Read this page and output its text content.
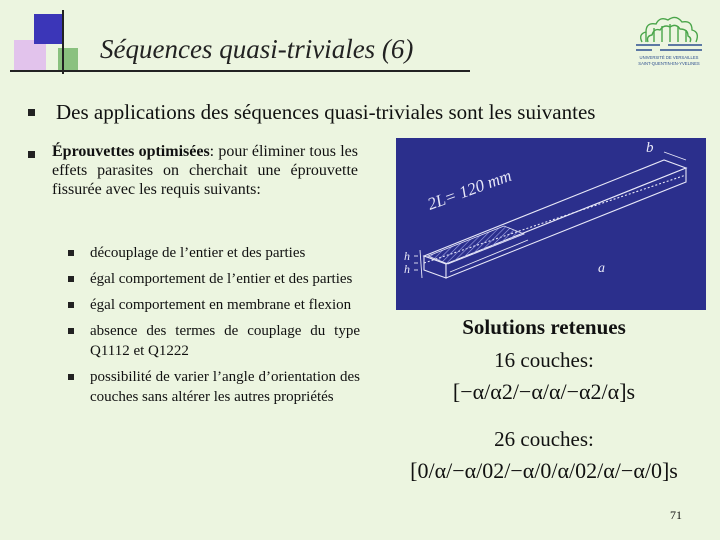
Séquences quasi-triviales (6)	UNIVERSITÉ DE VERSAILLES
SAINT-QUENTIN-EN-YVELINES
Des applications des séquences quasi-triviales sont les suivantes
Éprouvettes optimisées: pour éliminer tous les effets parasites on cherchait une éprouvette fissurée avec les requis suivants:
découplage de l’entier et des parties
égal comportement de l’entier et des parties
égal comportement en membrane et flexion
absence des termes de couplage du type Q1112 et Q1222
possibilité de varier l’angle d’orientation des couches sans altérer les autres propriétés
b
2L= 120 mm
h
h	a
Solutions retenues
16 couches:
[−α/α2/−α/α/−α2/α]s
26 couches:
[0/α/−α/02/−α/0/α/02/α/−α/0]s
71
